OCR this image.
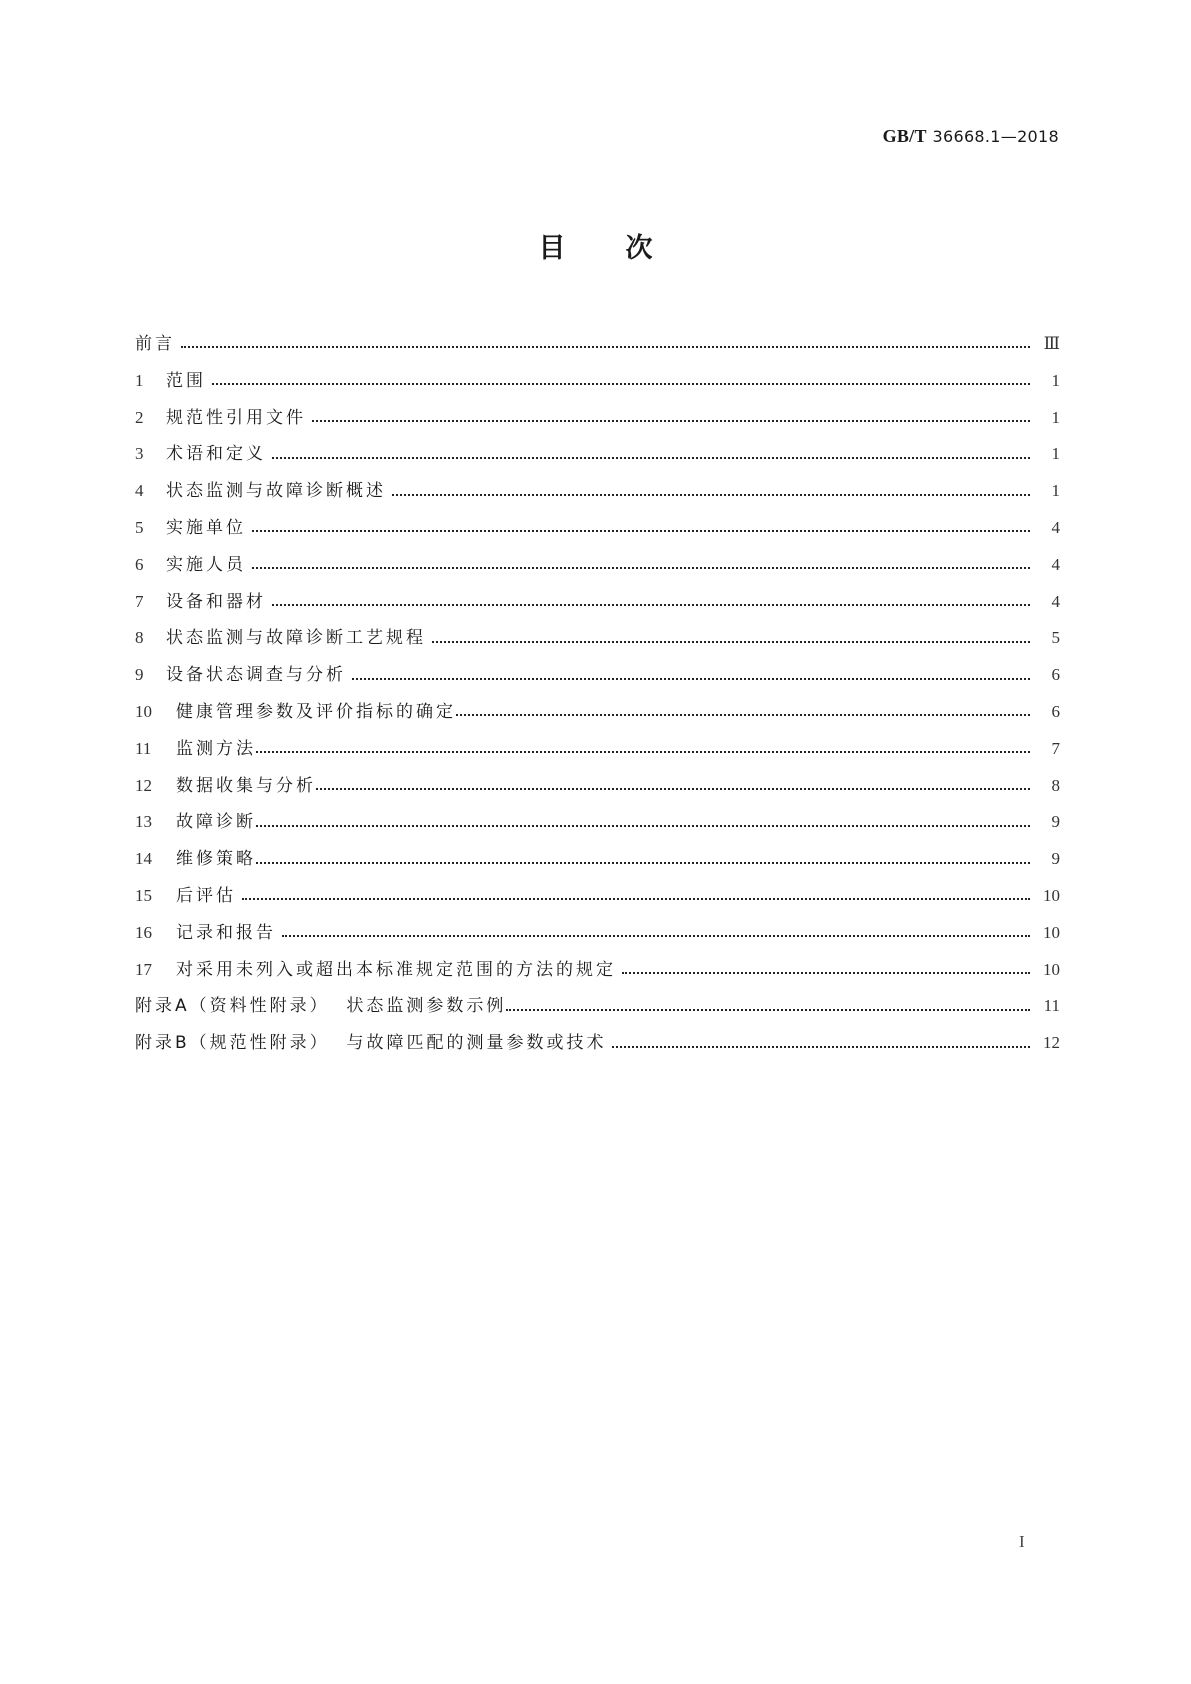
GB/T 36668.1—2018
目 次
前言	Ⅲ
1	范围	1
2	规范性引用文件	1
3	术语和定义	1
4	状态监测与故障诊断概述	1
5	实施单位	4
6	实施人员	4
7	设备和器材	4
8	状态监测与故障诊断工艺规程	5
9	设备状态调查与分析	6
10	健康管理参数及评价指标的确定	6
11	监测方法	7
12	数据收集与分析	8
13	故障诊断	9
14	维修策略	9
15	后评估	10
16	记录和报告	10
17	对采用未列入或超出本标准规定范围的方法的规定	10
附录A（资料性附录）  状态监测参数示例	11
附录B（规范性附录）  与故障匹配的测量参数或技术	12
I
